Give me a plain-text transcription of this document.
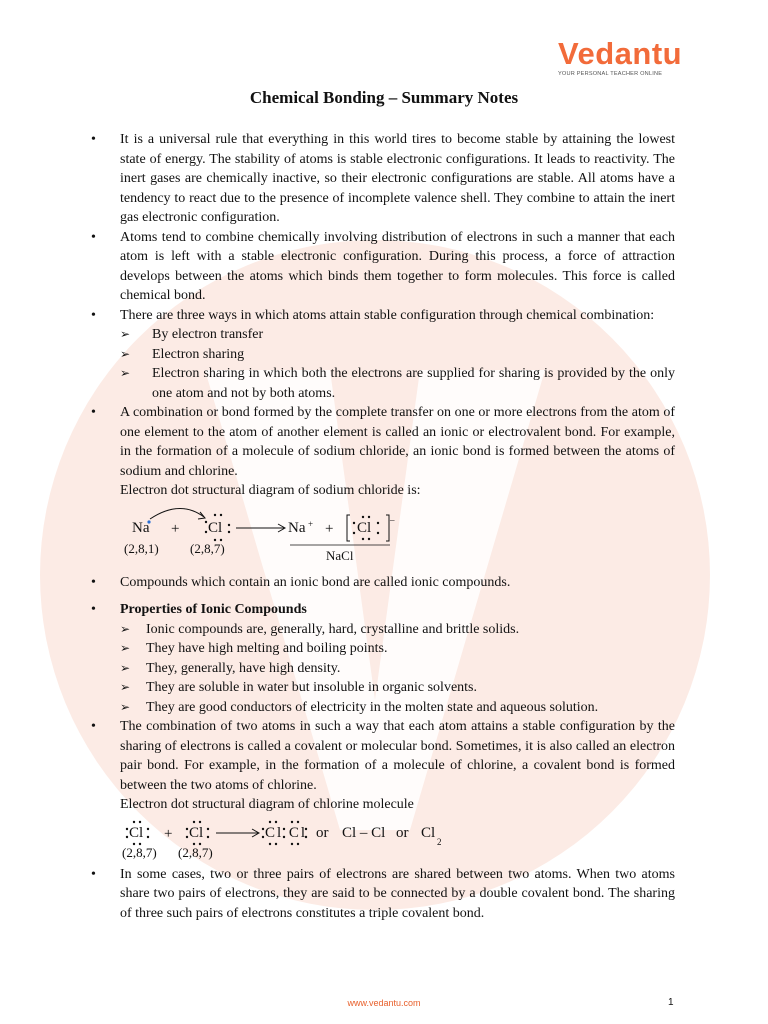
Vedantu
YOUR PERSONAL TEACHER ONLINE
Chemical Bonding – Summary Notes
• It is a universal rule that everything in this world tires to become stable by attaining the lowest state of energy. The stability of atoms is stable electronic configurations. It leads to reactivity. The inert gases are chemically inactive, so their electronic configurations are stable. All atoms have a tendency to react due to the presence of incomplete valence shell. They combine to attain the inert gas electronic configuration.
• Atoms tend to combine chemically involving distribution of electrons in such a manner that each atom is left with a stable electronic configuration. During this process, a force of attraction develops between the atoms which binds them together to form molecules. This force is called chemical bond.
• There are three ways in which atoms attain stable configuration through chemical combination:
➢ By electron transfer
➢ Electron sharing
➢ Electron sharing in which both the electrons are supplied for sharing is provided by the only one atom and not by both atoms.
• A combination or bond formed by the complete transfer on one or more electrons from the atom of one element to the atom of another element is called an ionic or electrovalent bond. For example, in the formation of a molecule of sodium chloride, an ionic bond is formed between the atoms of sodium and chlorine.
Electron dot structural diagram of sodium chloride is:
Na + Cl
(2,8,1) (2,8,7)
Na + + Cl –
NaCl
• Compounds which contain an ionic bond are called ionic compounds.
• Properties of Ionic Compounds
➢ Ionic compounds are, generally, hard, crystalline and brittle solids.
➢ They have high melting and boiling points.
➢ They, generally, have high density.
➢ They are soluble in water but insoluble in organic solvents.
➢ They are good conductors of electricity in the molten state and aqueous solution.
• The combination of two atoms in such a way that each atom attains a stable configuration by the sharing of electrons is called a covalent or molecular bond. Sometimes, it is also called an electron pair bond. For example, in the formation of a molecule of chlorine, a covalent bond is formed between the two atoms of chlorine.
Electron dot structural diagram of chlorine molecule
Cl + Cl
(2,8,7) (2,8,7)
Cl Cl or Cl – Cl or Cl
2
• In some cases, two or three pairs of electrons are shared between two atoms. When two atoms share two pairs of electrons, they are said to be connected by a double covalent bond. The sharing of three such pairs of electrons constitutes a triple covalent bond.
www.vedantu.com	1
